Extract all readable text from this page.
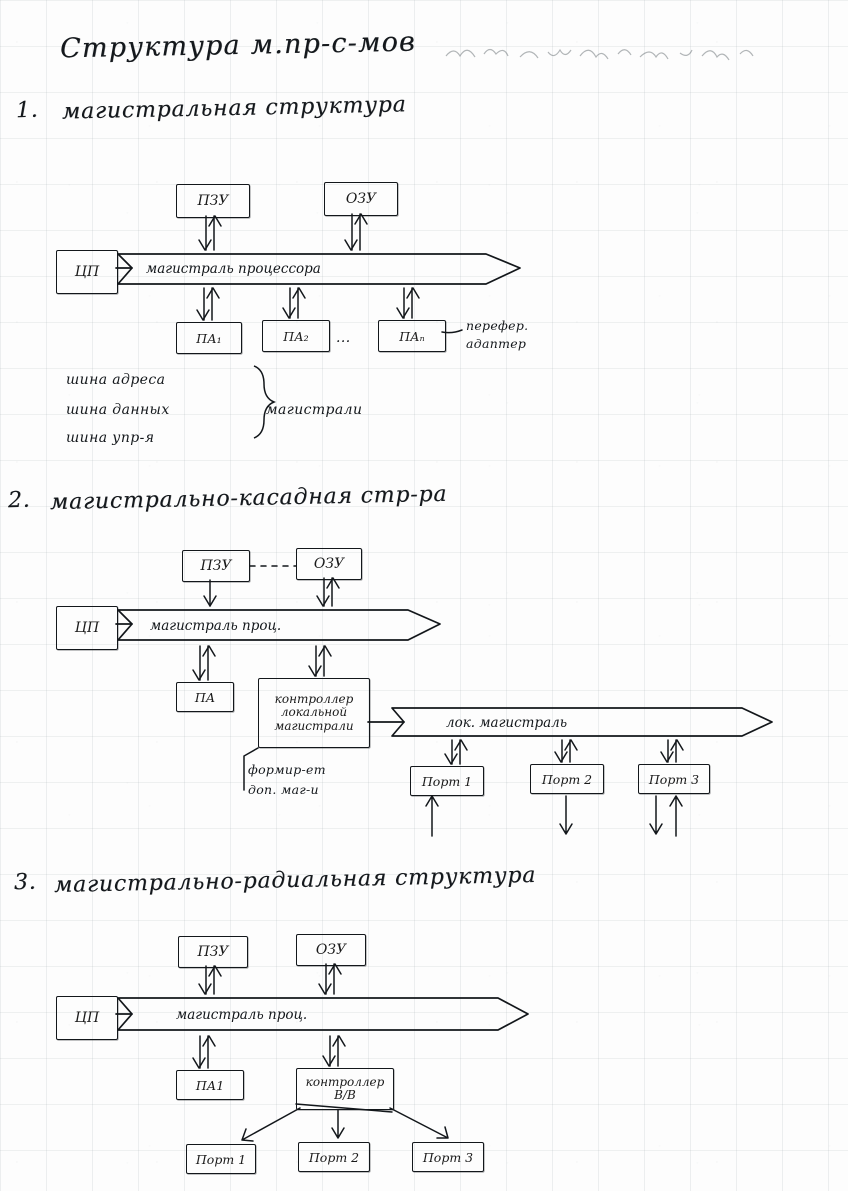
Структура м.пр-с-мов
1. магистральная структура
2. магистрально-касадная стр-ра
3. магистрально-радиальная структура
ПЗУ	ОЗУ
ЦП
ПА₁	ПА₂	ПАₙ
...
перефер.
адаптер
шина адреса
шина данных
шина упр-я
магистрали
ПЗУ	ОЗУ
ЦП
ПА	контроллер
локальной
магистрали
формир-ет
доп. маг-и
Порт 1	Порт 2	Порт 3
ПЗУ	ОЗУ
ЦП
ПА1	контроллер
В/В
Порт 1	Порт 2	Порт 3
магистраль процессора
магистраль проц.
лок. магистраль
магистраль проц.
